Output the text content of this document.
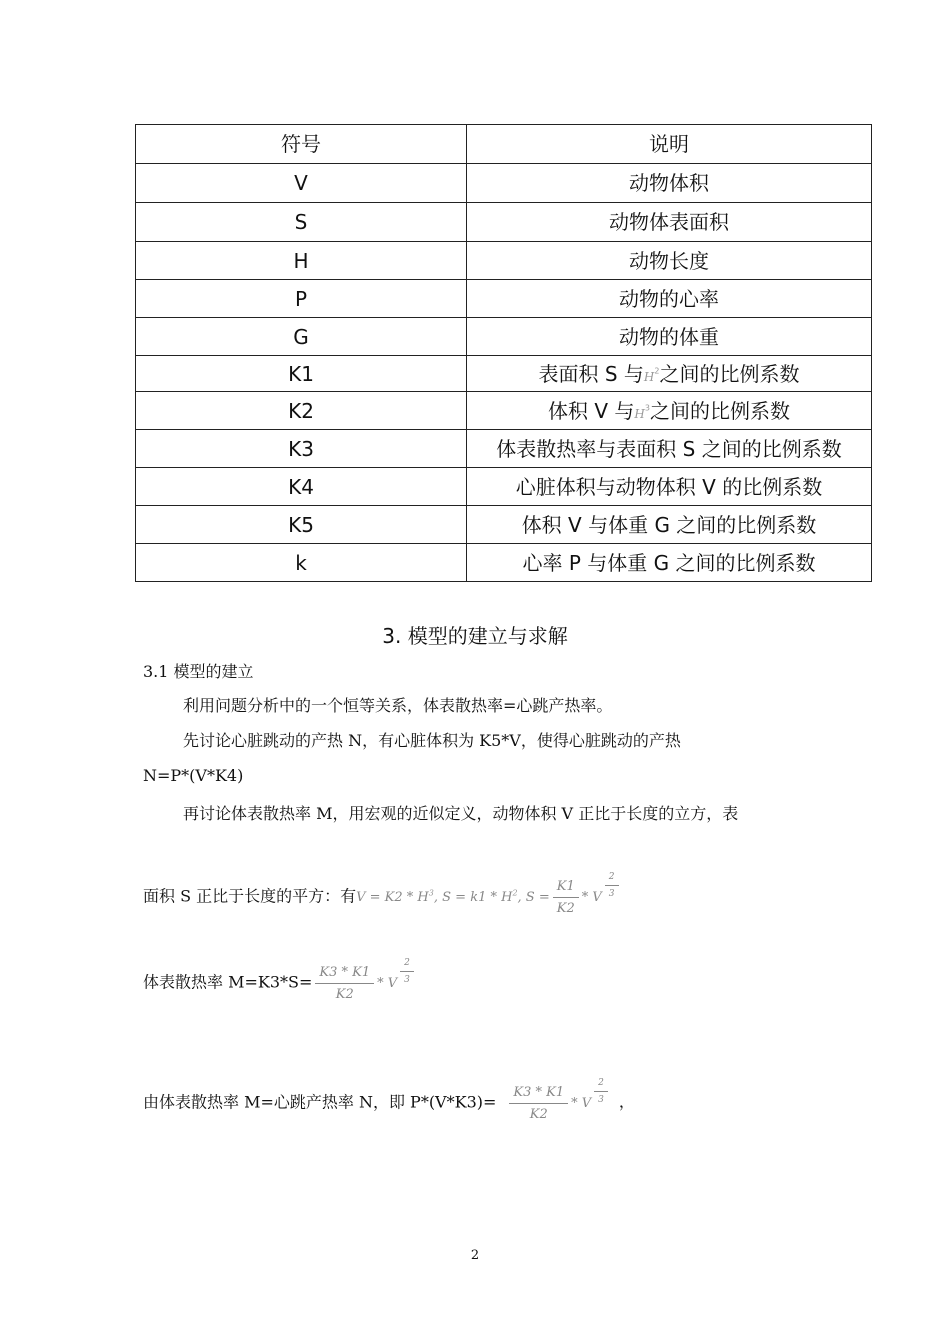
符号	说明
V	动物体积
S	动物体表面积
H	动物长度
P	动物的心率
G	动物的体重
K1	表面积 S 与$H^2$之间的比例系数
K2	体积 V 与$H^3$之间的比例系数
K3	体表散热率与表面积 S 之间的比例系数
K4	心脏体积与动物体积 V 的比例系数
K5	体积 V 与体重 G 之间的比例系数
k	心率 P 与体重 G 之间的比例系数
3. 模型的建立与求解
3.1 模型的建立
利用问题分析中的一个恒等关系，体表散热率=心跳产热率。
先讨论心脏跳动的产热 N，有心脏体积为 K5*V，使得心脏跳动的产热
N=P*(V*K4)
再讨论体表散热率 M，用宏观的近似定义，动物体积 V 正比于长度的立方，表
面积 S 正比于长度的平方：有$V = K2 * H^3$, $S = k1 * H^2$, $S = \frac{K1}{K2} * V \frac{2}{3}$
体表散热率 $M=K3*S= \frac{K3 * K1}{K2} * V \frac{2}{3}$
由体表散热率 M=心跳产热率 N，即 $P*(V*K3)= \frac{K3 * K1}{K2} * V \frac{2}{3}$ ，
2
